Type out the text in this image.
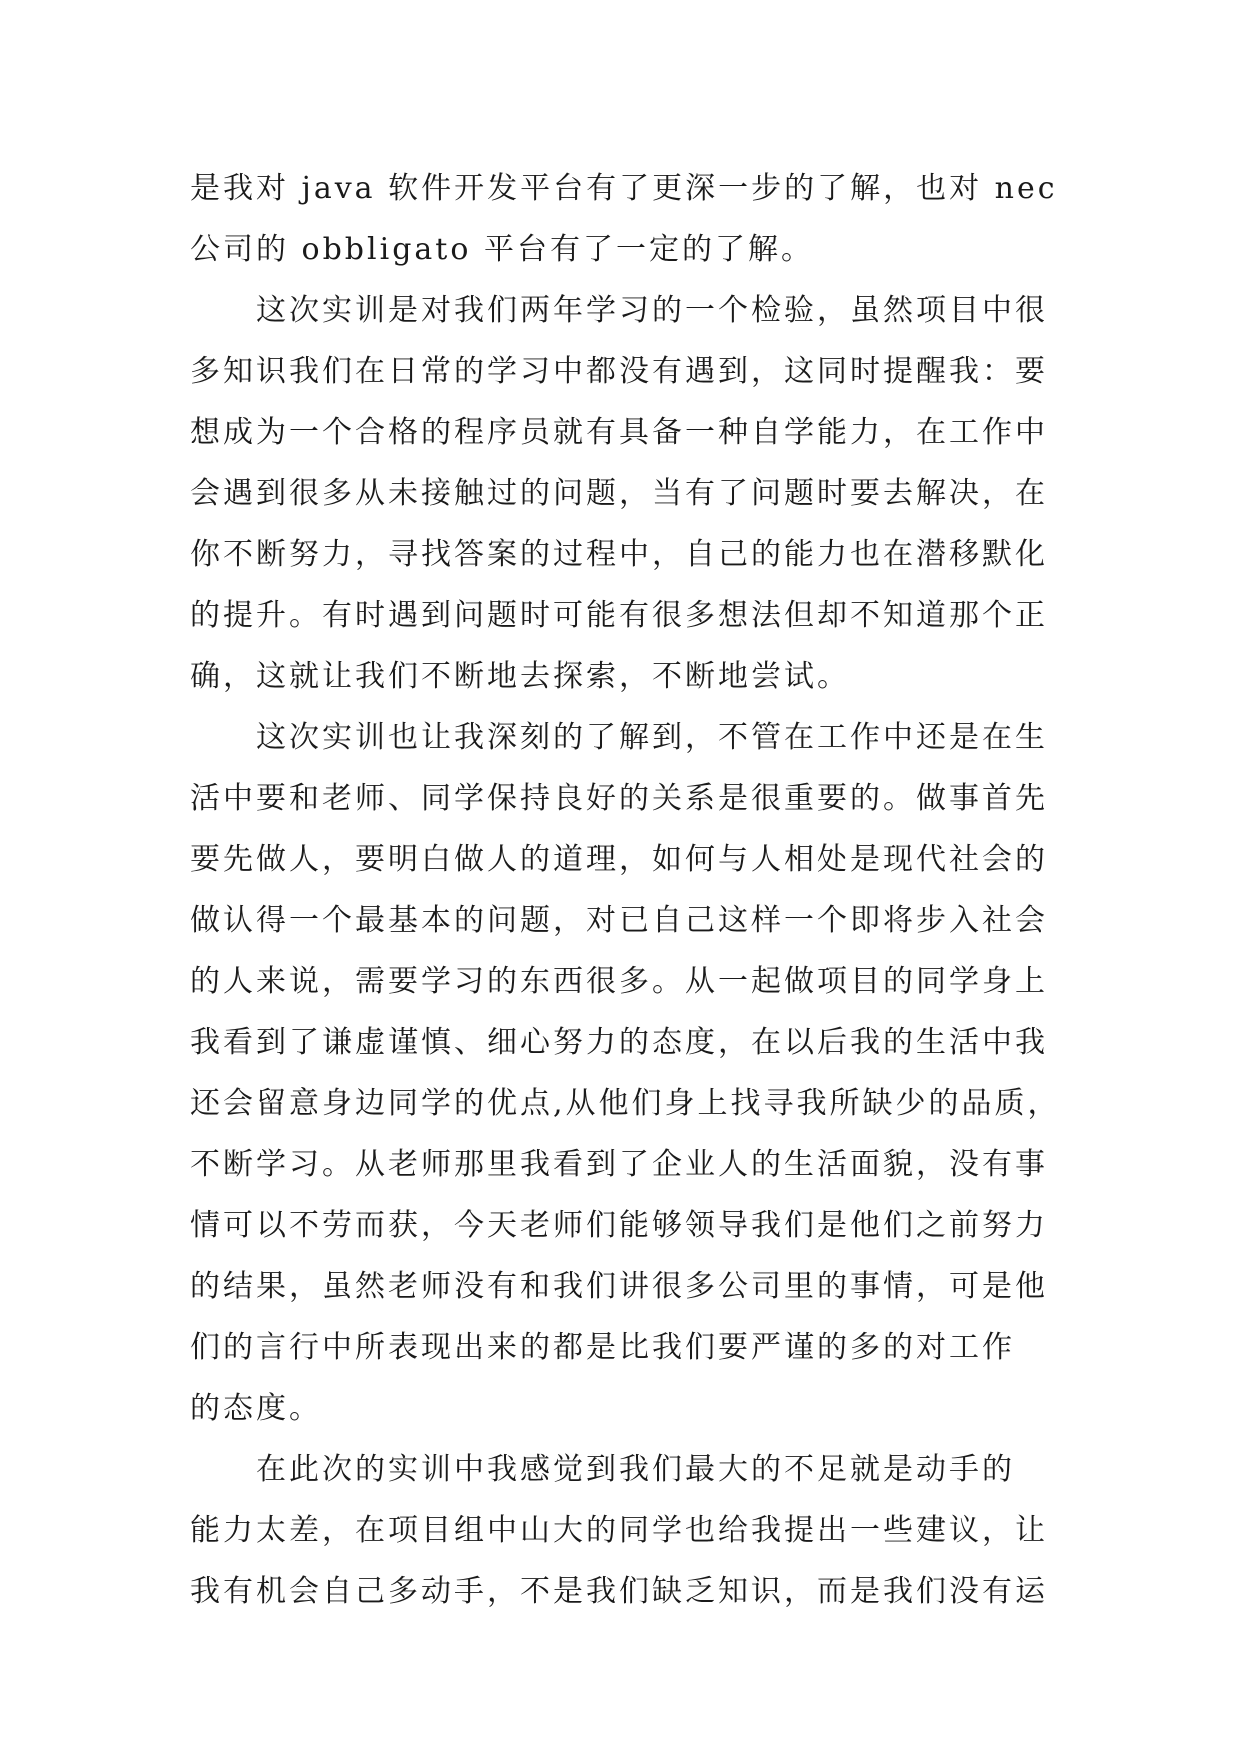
是我对 java 软件开发平台有了更深一步的了解，也对 nec
公司的 obbligato 平台有了一定的了解。
　　这次实训是对我们两年学习的一个检验，虽然项目中很
多知识我们在日常的学习中都没有遇到，这同时提醒我：要
想成为一个合格的程序员就有具备一种自学能力，在工作中
会遇到很多从未接触过的问题，当有了问题时要去解决，在
你不断努力，寻找答案的过程中，自己的能力也在潜移默化
的提升。有时遇到问题时可能有很多想法但却不知道那个正
确，这就让我们不断地去探索，不断地尝试。
　　这次实训也让我深刻的了解到，不管在工作中还是在生
活中要和老师、同学保持良好的关系是很重要的。做事首先
要先做人，要明白做人的道理，如何与人相处是现代社会的
做认得一个最基本的问题，对已自己这样一个即将步入社会
的人来说，需要学习的东西很多。从一起做项目的同学身上
我看到了谦虚谨慎、细心努力的态度，在以后我的生活中我
还会留意身边同学的优点,从他们身上找寻我所缺少的品质，
不断学习。从老师那里我看到了企业人的生活面貌，没有事
情可以不劳而获，今天老师们能够领导我们是他们之前努力
的结果，虽然老师没有和我们讲很多公司里的事情，可是他
们的言行中所表现出来的都是比我们要严谨的多的对工作
的态度。
　　在此次的实训中我感觉到我们最大的不足就是动手的
能力太差，在项目组中山大的同学也给我提出一些建议，让
我有机会自己多动手，不是我们缺乏知识，而是我们没有运
